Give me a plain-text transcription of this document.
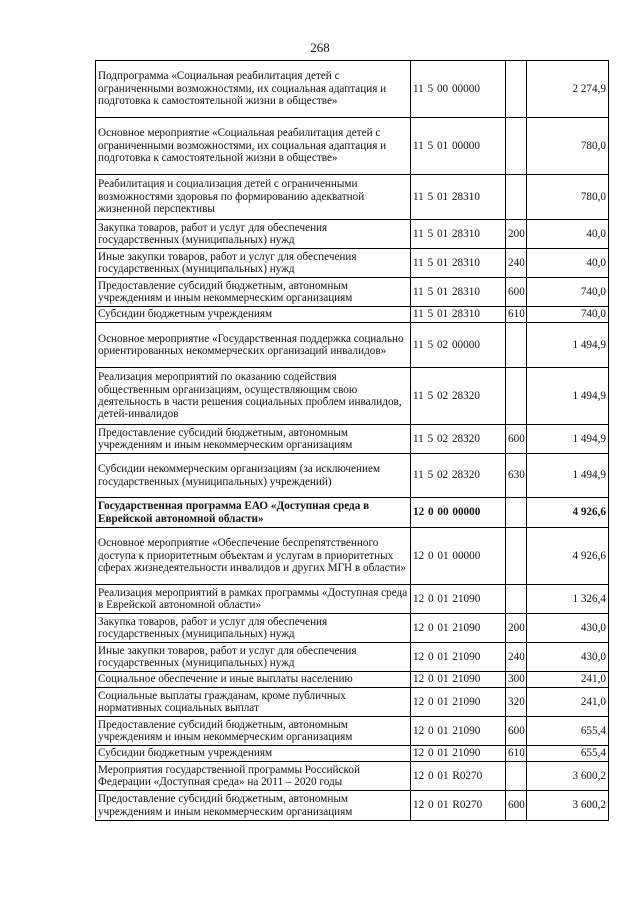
268
Подпрограмма «Социальная реабилитация детей с ограниченными возможностями, их социальная адаптация и подготовка к самостоятельной жизни в обществе»	11 5 00 00000		2 274,9
Основное мероприятие «Социальная реабилитация детей с ограниченными возможностями, их социальная адаптация и подготовка к самостоятельной жизни в обществе»	11 5 01 00000		780,0
Реабилитация и социализация детей с ограниченными возможностями здоровья по формированию адекватной жизненной перспективы	11 5 01 28310		780,0
Закупка товаров, работ и услуг для обеспечения государственных (муниципальных) нужд	11 5 01 28310	200	40,0
Иные закупки товаров, работ и услуг для обеспечения государственных (муниципальных) нужд	11 5 01 28310	240	40,0
Предоставление субсидий бюджетным, автономным учреждениям и иным некоммерческим организациям	11 5 01 28310	600	740,0
Субсидии бюджетным учреждениям	11 5 01 28310	610	740,0
Основное мероприятие «Государственная поддержка социально ориентированных некоммерческих организаций инвалидов»	11 5 02 00000		1 494,9
Реализация мероприятий по оказанию содействия общественным организациям, осуществляющим свою деятельность в части решения социальных проблем инвалидов, детей-инвалидов	11 5 02 28320		1 494,9
Предоставление субсидий бюджетным, автономным учреждениям и иным некоммерческим организациям	11 5 02 28320	600	1 494,9
Субсидии некоммерческим организациям (за исключением государственных (муниципальных) учреждений)	11 5 02 28320	630	1 494,9
Государственная программа ЕАО «Доступная среда в Еврейской автономной области»	12 0 00 00000		4 926,6
Основное мероприятие «Обеспечение беспрепятственного доступа к приоритетным объектам и услугам в приоритетных сферах жизнедеятельности инвалидов и других МГН в области»	12 0 01 00000		4 926,6
Реализация мероприятий в рамках программы «Доступная среда в Еврейской автономной области»	12 0 01 21090		1 326,4
Закупка товаров, работ и услуг для обеспечения государственных (муниципальных) нужд	12 0 01 21090	200	430,0
Иные закупки товаров, работ и услуг для обеспечения государственных (муниципальных) нужд	12 0 01 21090	240	430,0
Социальное обеспечение и иные выплаты населению	12 0 01 21090	300	241,0
Социальные выплаты гражданам, кроме публичных нормативных социальных выплат	12 0 01 21090	320	241,0
Предоставление субсидий бюджетным, автономным учреждениям и иным некоммерческим организациям	12 0 01 21090	600	655,4
Субсидии бюджетным учреждениям	12 0 01 21090	610	655,4
Мероприятия государственной программы Российской Федерации «Доступная среда» на 2011 – 2020 годы	12 0 01 R0270		3 600,2
Предоставление субсидий бюджетным, автономным учреждениям и иным некоммерческим организациям	12 0 01 R0270	600	3 600,2
